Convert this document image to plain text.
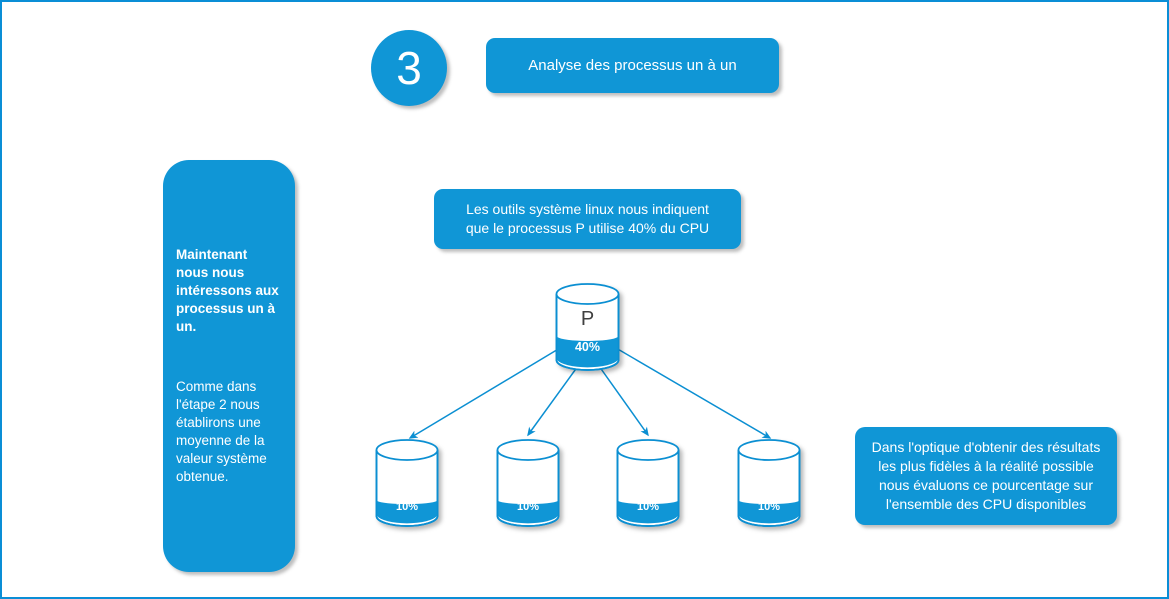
3	Analyse des processus un à un
Maintenant nous nous intéressons aux processus un à un.
Comme dans l'étape 2 nous établirons une moyenne de la valeur système obtenue.
Les outils système linux nous indiquent que le processus P utilise 40% du CPU
P
40%
10%	10%	10%	10%
Dans l'optique d'obtenir des résultats les plus fidèles à la réalité possible nous évaluons ce pourcentage sur l'ensemble des CPU disponibles
